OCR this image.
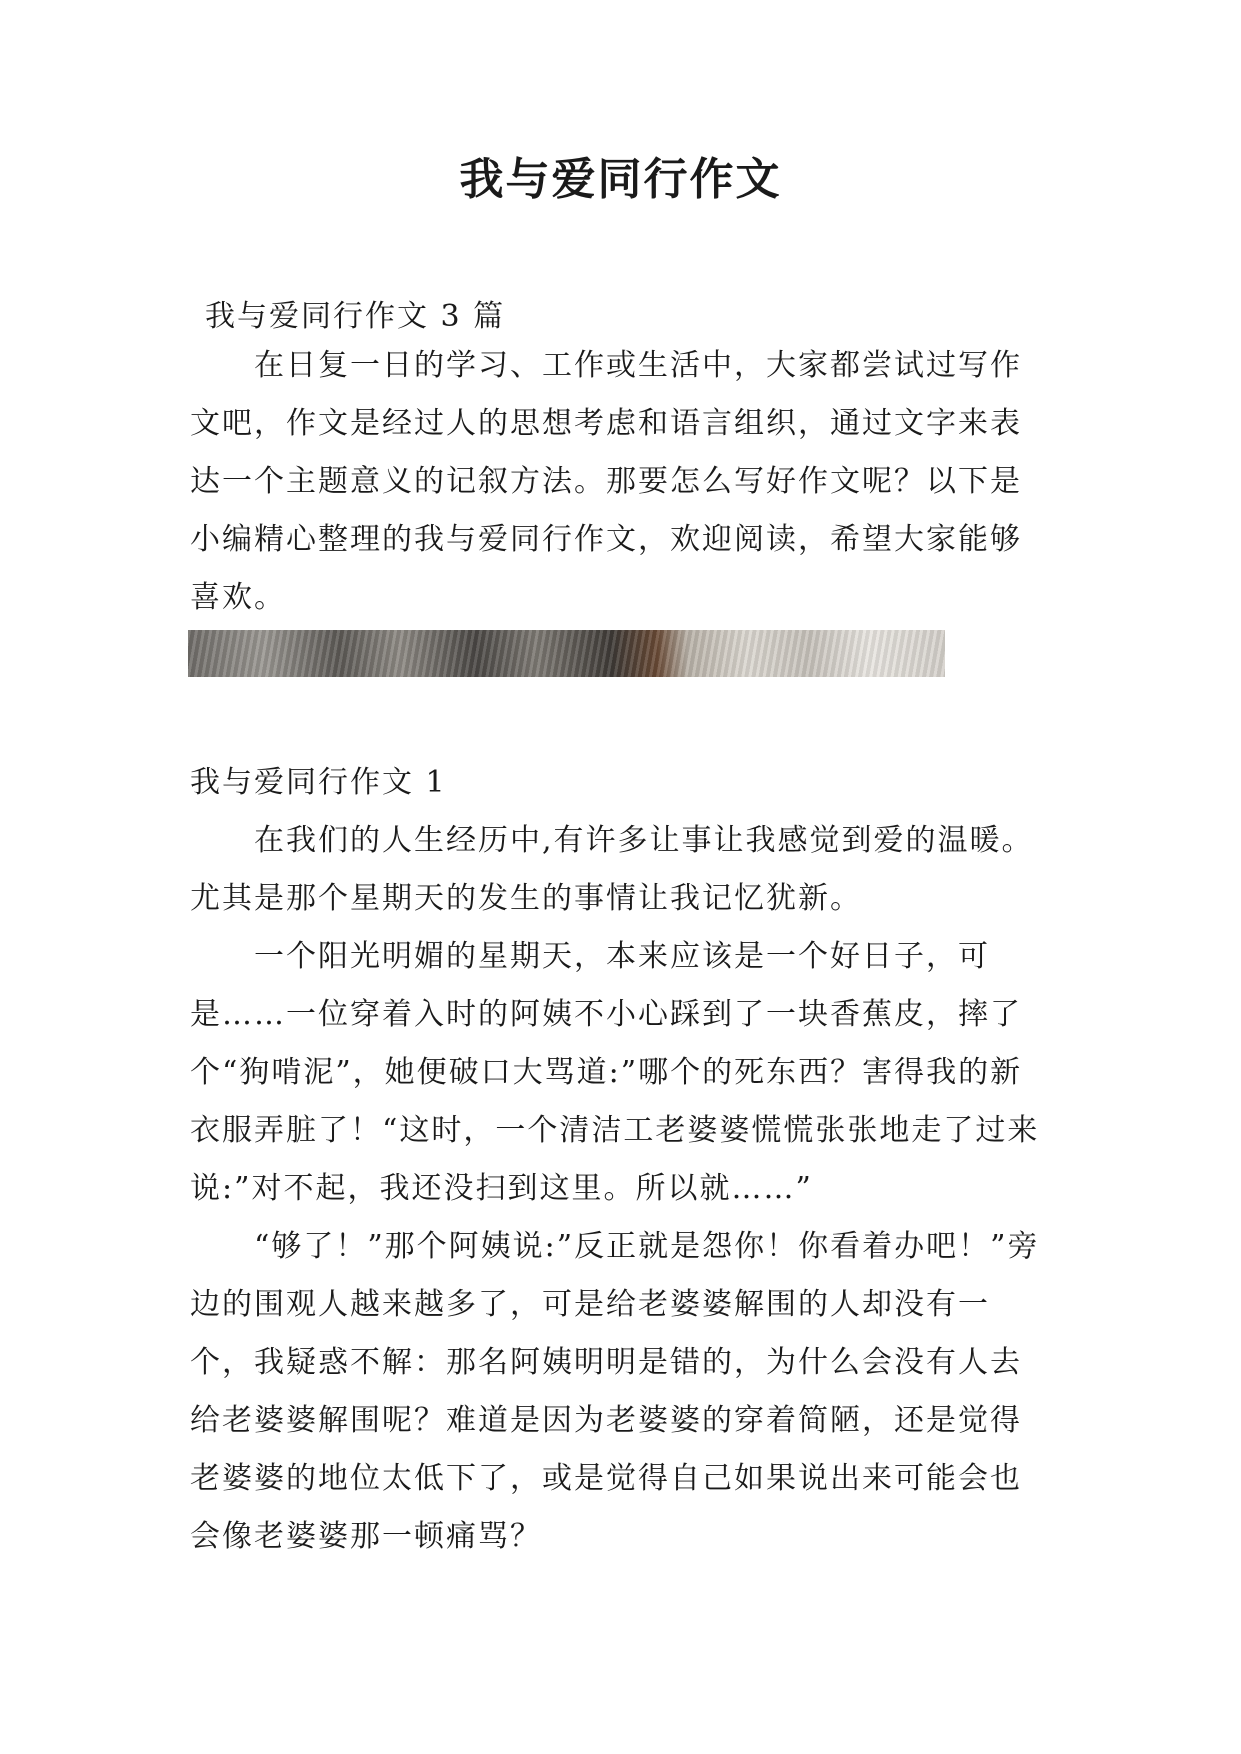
我与爱同行作文

我与爱同行作文 3 篇

在日复一日的学习、工作或生活中，大家都尝试过写作文吧，作文是经过人的思想考虑和语言组织，通过文字来表达一个主题意义的记叙方法。那要怎么写好作文呢？以下是小编精心整理的我与爱同行作文，欢迎阅读，希望大家能够喜欢。

我与爱同行作文 1

在我们的人生经历中,有许多让事让我感觉到爱的温暖。尤其是那个星期天的发生的事情让我记忆犹新。

一个阳光明媚的星期天，本来应该是一个好日子，可是……一位穿着入时的阿姨不小心踩到了一块香蕉皮，摔了个“狗啃泥”，她便破口大骂道:”哪个的死东西？害得我的新衣服弄脏了！“这时，一个清洁工老婆婆慌慌张张地走了过来说:”对不起，我还没扫到这里。所以就……”

“够了！”那个阿姨说:”反正就是怨你！你看着办吧！”旁边的围观人越来越多了，可是给老婆婆解围的人却没有一个，我疑惑不解：那名阿姨明明是错的，为什么会没有人去给老婆婆解围呢？难道是因为老婆婆的穿着简陋，还是觉得老婆婆的地位太低下了，或是觉得自己如果说出来可能会也会像老婆婆那一顿痛骂？
